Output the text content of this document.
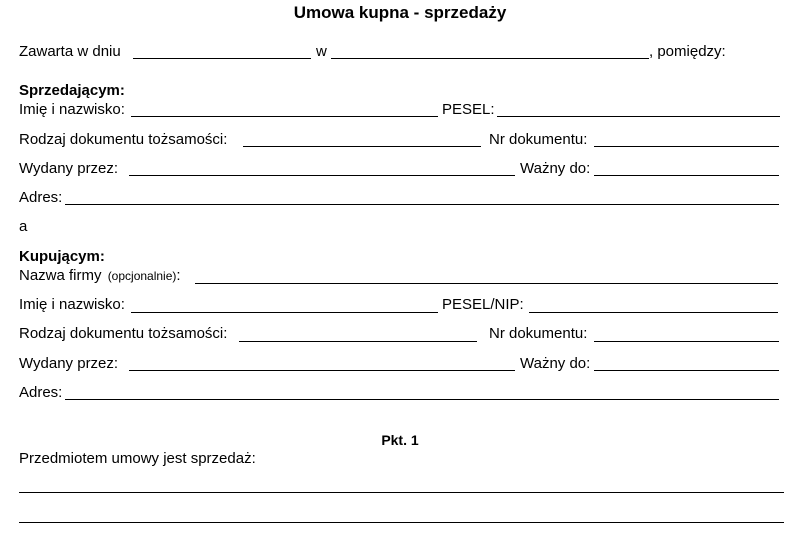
Umowa kupna - sprzedaży
Zawarta w dniu	w	, pomiędzy:
Sprzedającym:
Imię i nazwisko:	PESEL:
Rodzaj dokumentu tożsamości:	Nr dokumentu:
Wydany przez:	Ważny do:
Adres:
a
Kupującym:
Nazwa firmy (opcjonalnie):
Imię i nazwisko:	PESEL/NIP:
Rodzaj dokumentu tożsamości:	Nr dokumentu:
Wydany przez:	Ważny do:
Adres:
Pkt. 1
Przedmiotem umowy jest sprzedaż:
